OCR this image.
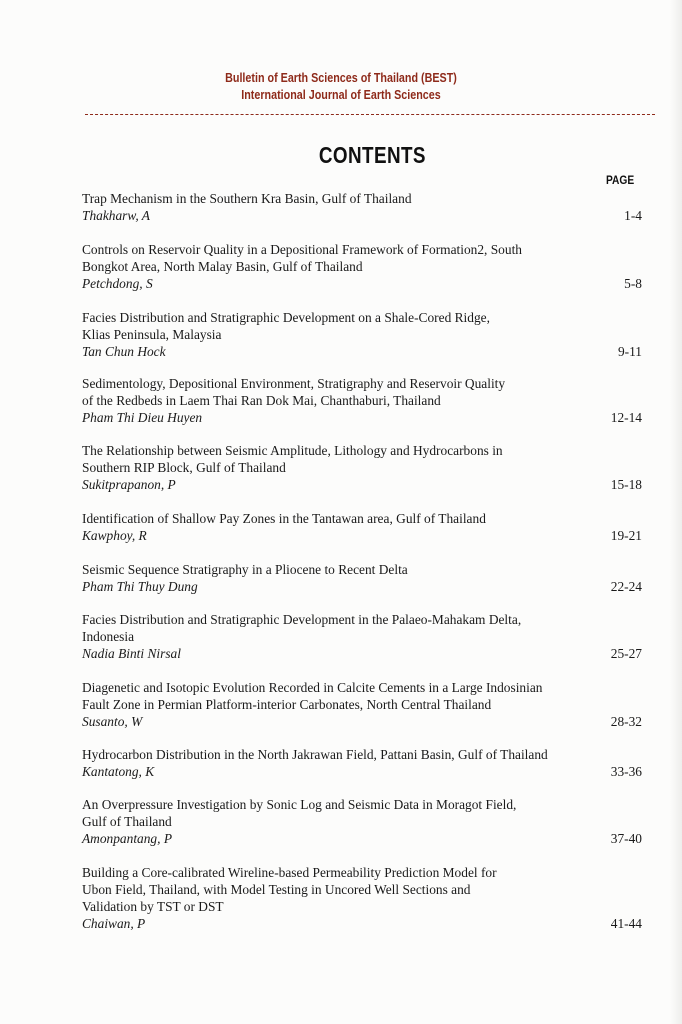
Bulletin of Earth Sciences of Thailand (BEST)
International Journal of Earth Sciences
CONTENTS
PAGE
Trap Mechanism in the Southern Kra Basin, Gulf of Thailand
Thakharw, A	1-4
Controls on Reservoir Quality in a Depositional Framework of Formation2, South
Bongkot Area, North Malay Basin, Gulf of Thailand
Petchdong, S	5-8
Facies Distribution and Stratigraphic Development on a Shale-Cored Ridge,
Klias Peninsula, Malaysia
Tan Chun Hock	9-11
Sedimentology, Depositional Environment, Stratigraphy and Reservoir Quality
of the Redbeds in Laem Thai Ran Dok Mai, Chanthaburi, Thailand
Pham Thi Dieu Huyen	12-14
The Relationship between Seismic Amplitude, Lithology and Hydrocarbons in
Southern RIP Block, Gulf of Thailand
Sukitprapanon, P	15-18
Identification of Shallow Pay Zones in the Tantawan area, Gulf of Thailand
Kawphoy, R	19-21
Seismic Sequence Stratigraphy in a Pliocene to Recent Delta
Pham Thi Thuy Dung	22-24
Facies Distribution and Stratigraphic Development in the Palaeo-Mahakam Delta,
Indonesia
Nadia Binti Nirsal	25-27
Diagenetic and Isotopic Evolution Recorded in Calcite Cements in a Large Indosinian
Fault Zone in Permian Platform-interior Carbonates, North Central Thailand
Susanto, W	28-32
Hydrocarbon Distribution in the North Jakrawan Field, Pattani Basin, Gulf of Thailand
Kantatong, K	33-36
An Overpressure Investigation by Sonic Log and Seismic Data in Moragot Field,
Gulf of Thailand
Amonpantang, P	37-40
Building a Core-calibrated Wireline-based Permeability Prediction Model for
Ubon Field, Thailand, with Model Testing in Uncored Well Sections and
Validation by TST or DST
Chaiwan, P	41-44
